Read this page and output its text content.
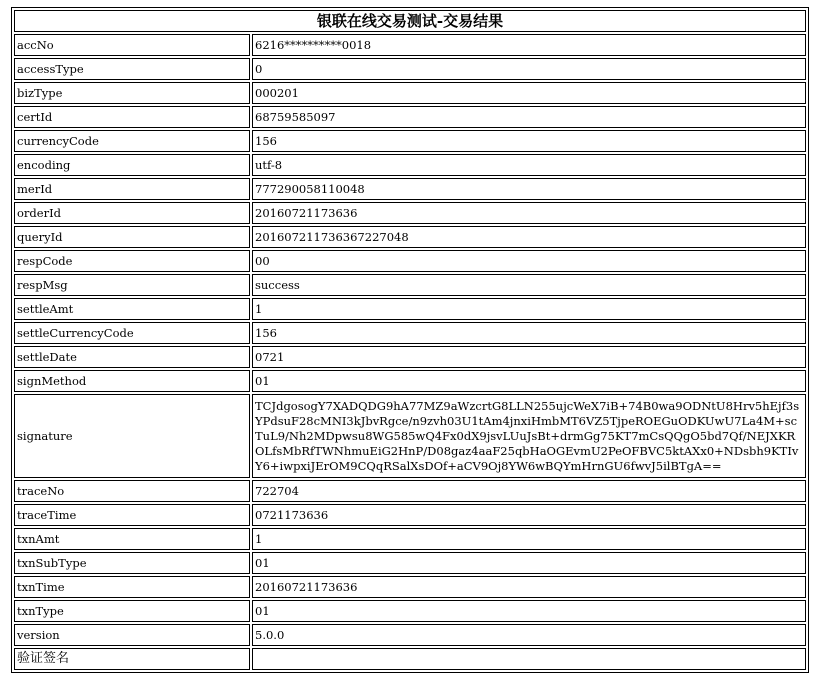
银联在线交易测试-交易结果	
accNo	6216**********0018
accessType	0
bizType	000201
certId	68759585097
currencyCode	156
encoding	utf-8
merId	777290058110048
orderId	20160721173636
queryId	201607211736367227048
respCode	00
respMsg	success
settleAmt	1
settleCurrencyCode	156
settleDate	0721
signMethod	01
signature	TCJdgosogY7XADQDG9hA77MZ9aWzcrtG8LLN255ujcWeX7iB+74B0wa9ODNtU8Hrv5hEjf3sYPdsuF28cMNI3kJbvRgce/n9zvh03U1tAm4jnxiHmbMT6VZ5TjpeROEGuODKUwU7La4M+scTuL9/Nh2MDpwsu8WG585wQ4Fx0dX9jsvLUuJsBt+drmGg75KT7mCsQQgO5bd7Qf/NEJXKROLfsMbRfTWNhmuEiG2HnP/D08gaz4aaF25qbHaOGEvmU2PeOFBVC5ktAXx0+NDsbh9KTIvY6+iwpxiJErOM9CQqRSalXsDOf+aCV9Oj8YW6wBQYmHrnGU6fwvJ5ilBTgA==
traceNo	722704
traceTime	0721173636
txnAmt	1
txnSubType	01
txnTime	20160721173636
txnType	01
version	5.0.0
验证签名	
